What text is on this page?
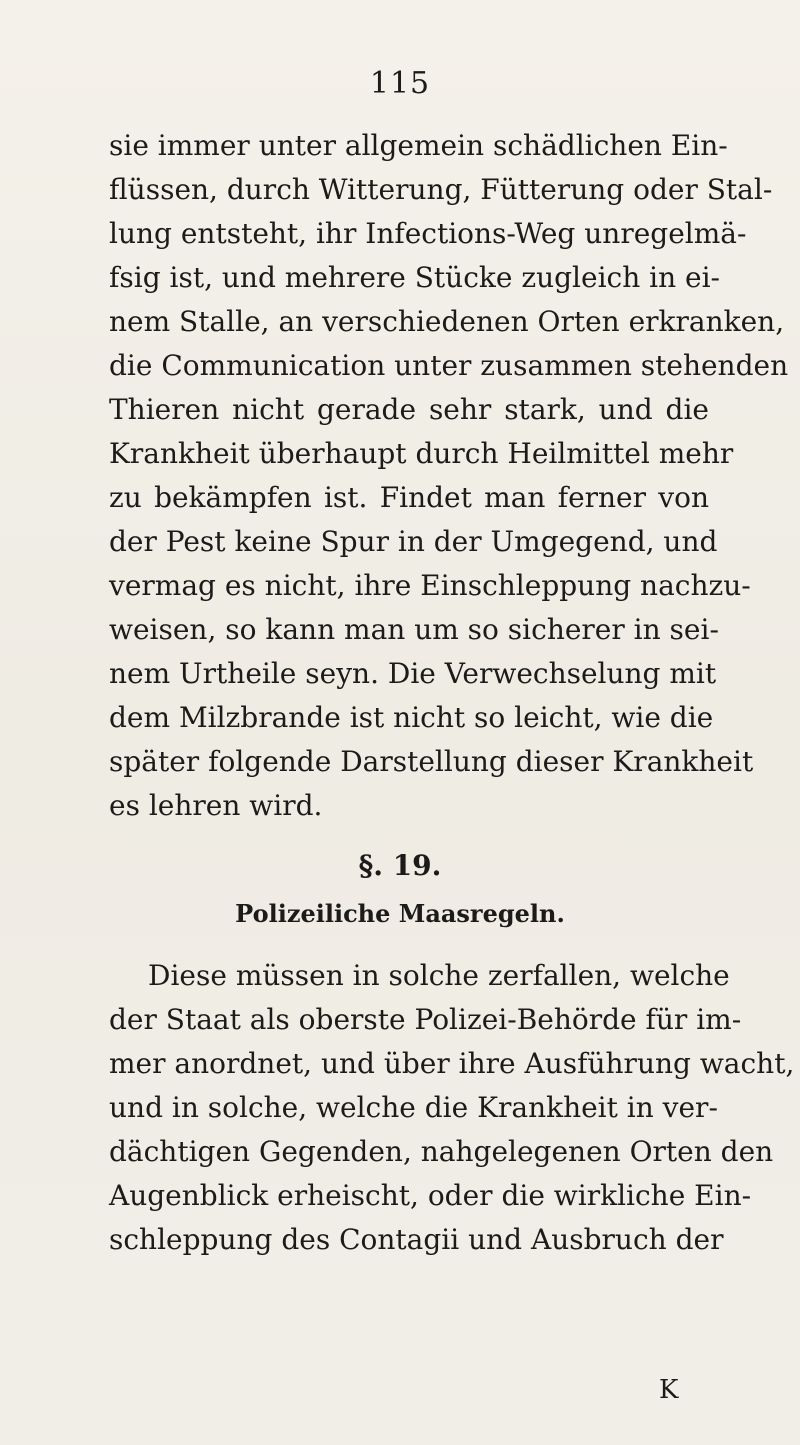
115
sie immer unter allgemein schädlichen Ein-
flüssen, durch Witterung, Fütterung oder Stal-
lung entsteht, ihr Infections-Weg unregelmä-
fsig ist, und mehrere Stücke zugleich in ei-
nem Stalle, an verschiedenen Orten erkranken,
die Communication unter zusammen stehenden
Thieren nicht gerade sehr stark, und die
Krankheit überhaupt durch Heilmittel mehr
zu bekämpfen ist. Findet man ferner von
der Pest keine Spur in der Umgegend, und
vermag es nicht, ihre Einschleppung nachzu-
weisen, so kann man um so sicherer in sei-
nem Urtheile seyn. Die Verwechselung mit
dem Milzbrande ist nicht so leicht, wie die
später folgende Darstellung dieser Krankheit
es lehren wird.
§. 19.
Polizeiliche Maasregeln.
Diese müssen in solche zerfallen, welche
der Staat als oberste Polizei-Behörde für im-
mer anordnet, und über ihre Ausführung wacht,
und in solche, welche die Krankheit in ver-
dächtigen Gegenden, nahgelegenen Orten den
Augenblick erheischt, oder die wirkliche Ein-
schleppung des Contagii und Ausbruch der
K
